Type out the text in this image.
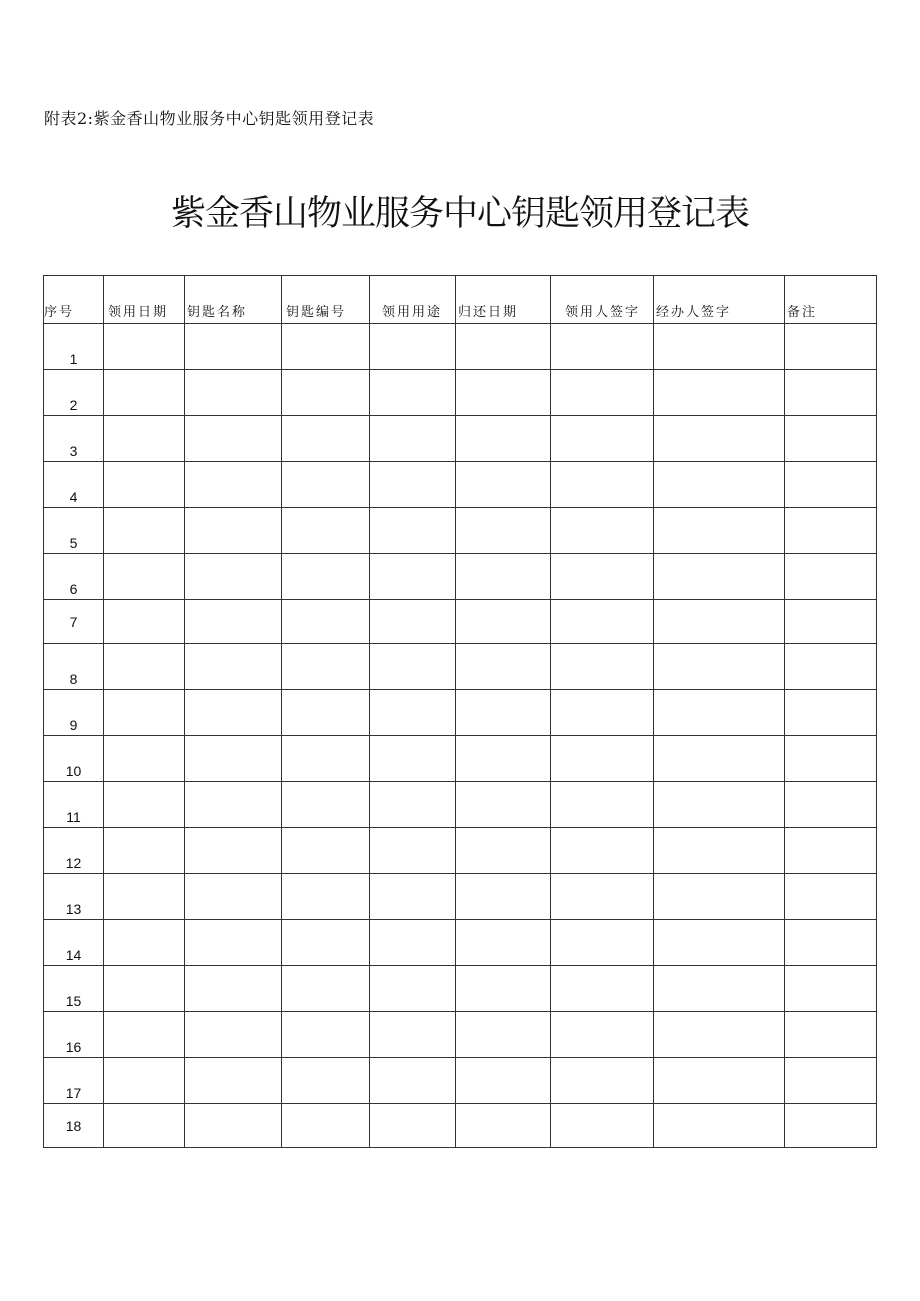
附表2:紫金香山物业服务中心钥匙领用登记表
紫金香山物业服务中心钥匙领用登记表
序号	领用日期	钥匙名称	钥匙编号	领用用途	归还日期	领用人签字	经办人签字	备注
1								
2								
3								
4								
5								
6								
7								
8								
9								
10								
11								
12								
13								
14								
15								
16								
17								
18								
